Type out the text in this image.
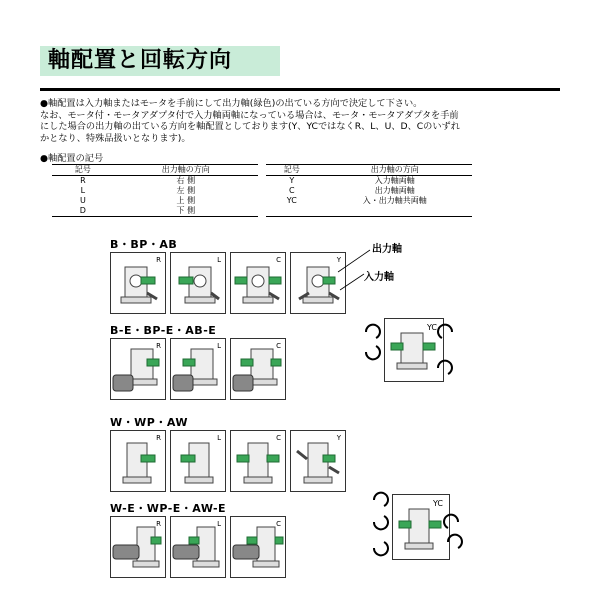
軸配置と回転方向
●軸配置は入力軸またはモータを手前にして出力軸(緑色)の出ている方向で決定して下さい。
なお、モータ付・モータアダプタ付で入力軸両軸になっている場合は、モータ・モータアダプタを手前
にした場合の出力軸の出ている方向を軸配置としております(Y、YCではなくR、L、U、D、Cのいずれ
かとなり、特殊品扱いとなります)。
●軸配置の記号
記号	出力軸の方向		記号	出力軸の方向
R	右 側		Y	入力軸両軸
L	左 側		C	出力軸両軸
U	上 側		YC	入・出力軸共両軸
D	下 側			
B・BP・AB
B-E・BP-E・AB-E
W・WP・AW
W-E・WP-E・AW-E
R	L	C	Y
出力軸
入力軸
R	L	C
YC
R	L	C	Y
R	L	C
YC
